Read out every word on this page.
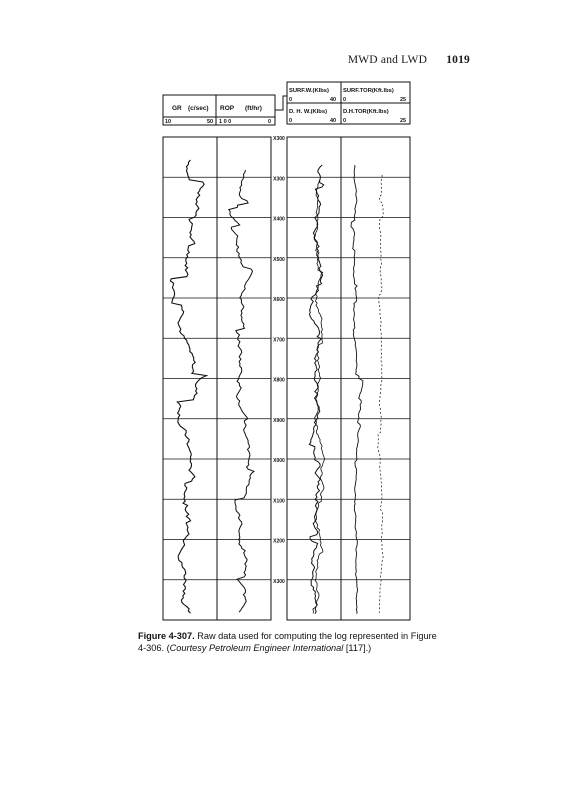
MWD and LWD 1019
GR (c/sec) ROP (ft/hr)
10	50 1 0 0	0
SURF.W.(Klbs) SURF.TOR(Kft.lbs)
0	40 0	25
D. H. W.(Klbs)	D.H.TOR(Kft.lbs)
0	40 0	25
X300
X300
X400
X500
X600
X700
X800
X900
X000
X100
X200
X300
Figure 4-307. Raw data used for computing the log represented in Figure 4-306. (Courtesy Petroleum Engineer International [117].)
